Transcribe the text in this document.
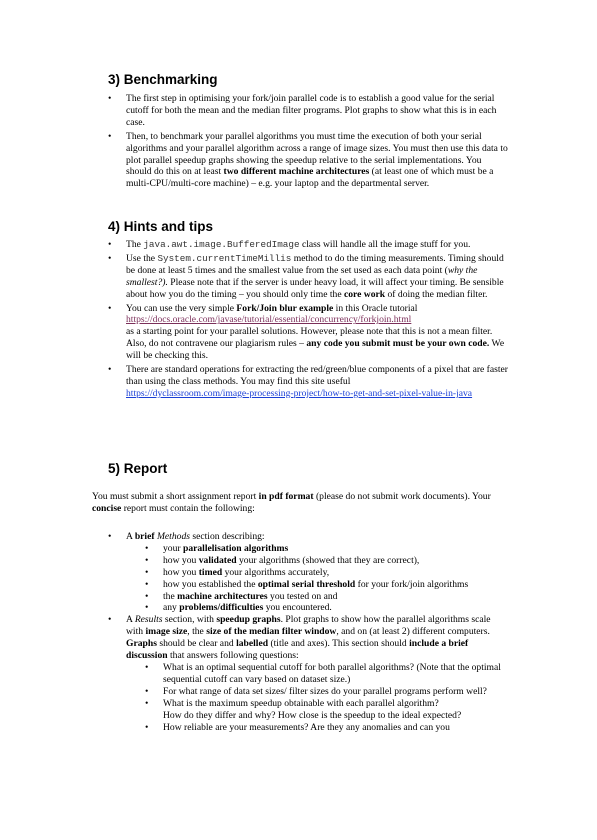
3) Benchmarking
• The first step in optimising your fork/join parallel code is to establish a good value for the serial cutoff for both the mean and the median filter programs. Plot graphs to show what this is in each case.
• Then, to benchmark your parallel algorithms you must time the execution of both your serial algorithms and your parallel algorithm across a range of image sizes. You must then use this data to plot parallel speedup graphs showing the speedup relative to the serial implementations. You should do this on at least two different machine architectures (at least one of which must be a multi-CPU/multi-core machine) – e.g. your laptop and the departmental server.
4) Hints and tips
• The java.awt.image.BufferedImage class will handle all the image stuff for you.
• Use the System.currentTimeMillis method to do the timing measurements. Timing should be done at least 5 times and the smallest value from the set used as each data point (why the smallest?). Please note that if the server is under heavy load, it will affect your timing. Be sensible about how you do the timing – you should only time the core work of doing the median filter.
• You can use the very simple Fork/Join blur example in this Oracle tutorial
https://docs.oracle.com/javase/tutorial/essential/concurrency/forkjoin.html
as a starting point for your parallel solutions. However, please note that this is not a mean filter. Also, do not contravene our plagiarism rules – any code you submit must be your own code. We will be checking this.
• There are standard operations for extracting the red/green/blue components of a pixel that are faster than using the class methods. You may find this site useful
https://dyclassroom.com/image-processing-project/how-to-get-and-set-pixel-value-in-java
5) Report

You must submit a short assignment report in pdf format (please do not submit work documents). Your concise report must contain the following:

• A brief Methods section describing:
• your parallelisation algorithms
• how you validated your algorithms (showed that they are correct),
• how you timed your algorithms accurately,
• how you established the optimal serial threshold for your fork/join algorithms
• the machine architectures you tested on and
• any problems/difficulties you encountered.
• A Results section, with speedup graphs. Plot graphs to show how the parallel algorithms scale with image size, the size of the median filter window, and on (at least 2) different computers. Graphs should be clear and labelled (title and axes). This section should include a brief discussion that answers following questions:
• What is an optimal sequential cutoff for both parallel algorithms? (Note that the optimal sequential cutoff can vary based on dataset size.)
• For what range of data set sizes/ filter sizes do your parallel programs perform well?
• What is the maximum speedup obtainable with each parallel algorithm?
How do they differ and why? How close is the speedup to the ideal expected?
• How reliable are your measurements? Are they any anomalies and can you
